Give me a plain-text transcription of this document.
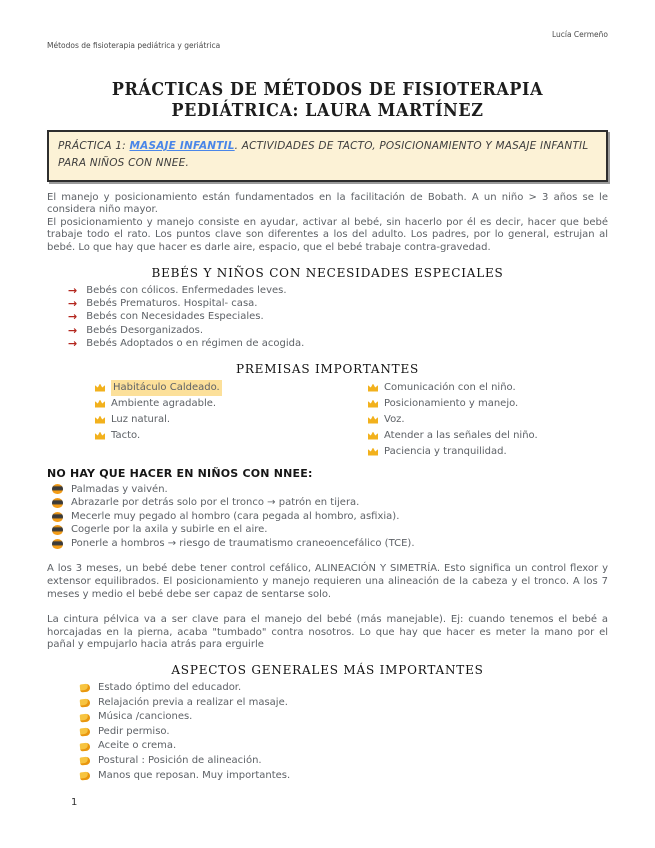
Lucía Cermeño
Métodos de fisioterapia pediátrica y geriátrica
PRÁCTICAS DE MÉTODOS DE FISIOTERAPIA PEDIÁTRICA: LAURA MARTÍNEZ
PRÁCTICA 1: MASAJE INFANTIL. ACTIVIDADES DE TACTO, POSICIONAMIENTO Y MASAJE INFANTIL PARA NIÑOS CON NNEE.

El manejo y posicionamiento están fundamentados en la facilitación de Bobath. A un niño > 3 años se le considera niño mayor.

El posicionamiento y manejo consiste en ayudar, activar al bebé, sin hacerlo por él es decir, hacer que bebé trabaje todo el rato. Los puntos clave son diferentes a los del adulto. Los padres, por lo general, estrujan al bebé. Lo que hay que hacer es darle aire, espacio, que el bebé trabaje contra-gravedad.

BEBÉS Y NIÑOS CON NECESIDADES ESPECIALES
→ Bebés con cólicos. Enfermedades leves.
→ Bebés Prematuros. Hospital- casa.
→ Bebés con Necesidades Especiales.
→ Bebés Desorganizados.
→ Bebés Adoptados o en régimen de acogida.
PREMISAS IMPORTANTES
Habitáculo Caldeado.
Ambiente agradable.
Luz natural.
Tacto.
Comunicación con el niño.
Posicionamiento y manejo.
Voz.
Atender a las señales del niño.
Paciencia y tranquilidad.
NO HAY QUE HACER EN NIÑOS CON NNEE:
Palmadas y vaivén.
Abrazarle por detrás solo por el tronco → patrón en tijera.
Mecerle muy pegado al hombro (cara pegada al hombro, asfixia).
Cogerle por la axila y subirle en el aire.
Ponerle a hombros → riesgo de traumatismo craneoencefálico (TCE).

A los 3 meses, un bebé debe tener control cefálico, ALINEACIÓN Y SIMETRÍA. Esto significa un control flexor y extensor equilibrados. El posicionamiento y manejo requieren una alineación de la cabeza y el tronco. A los 7 meses y medio el bebé debe ser capaz de sentarse solo.

La cintura pélvica va a ser clave para el manejo del bebé (más manejable). Ej: cuando tenemos el bebé a horcajadas en la pierna, acaba "tumbado" contra nosotros. Lo que hay que hacer es meter la mano por el pañal y empujarlo hacia atrás para erguirle

ASPECTOS GENERALES MÁS IMPORTANTES
Estado óptimo del educador.
Relajación previa a realizar el masaje.
Música /canciones.
Pedir permiso.
Aceite o crema.
Postural : Posición de alineación.
Manos que reposan. Muy importantes.
1
